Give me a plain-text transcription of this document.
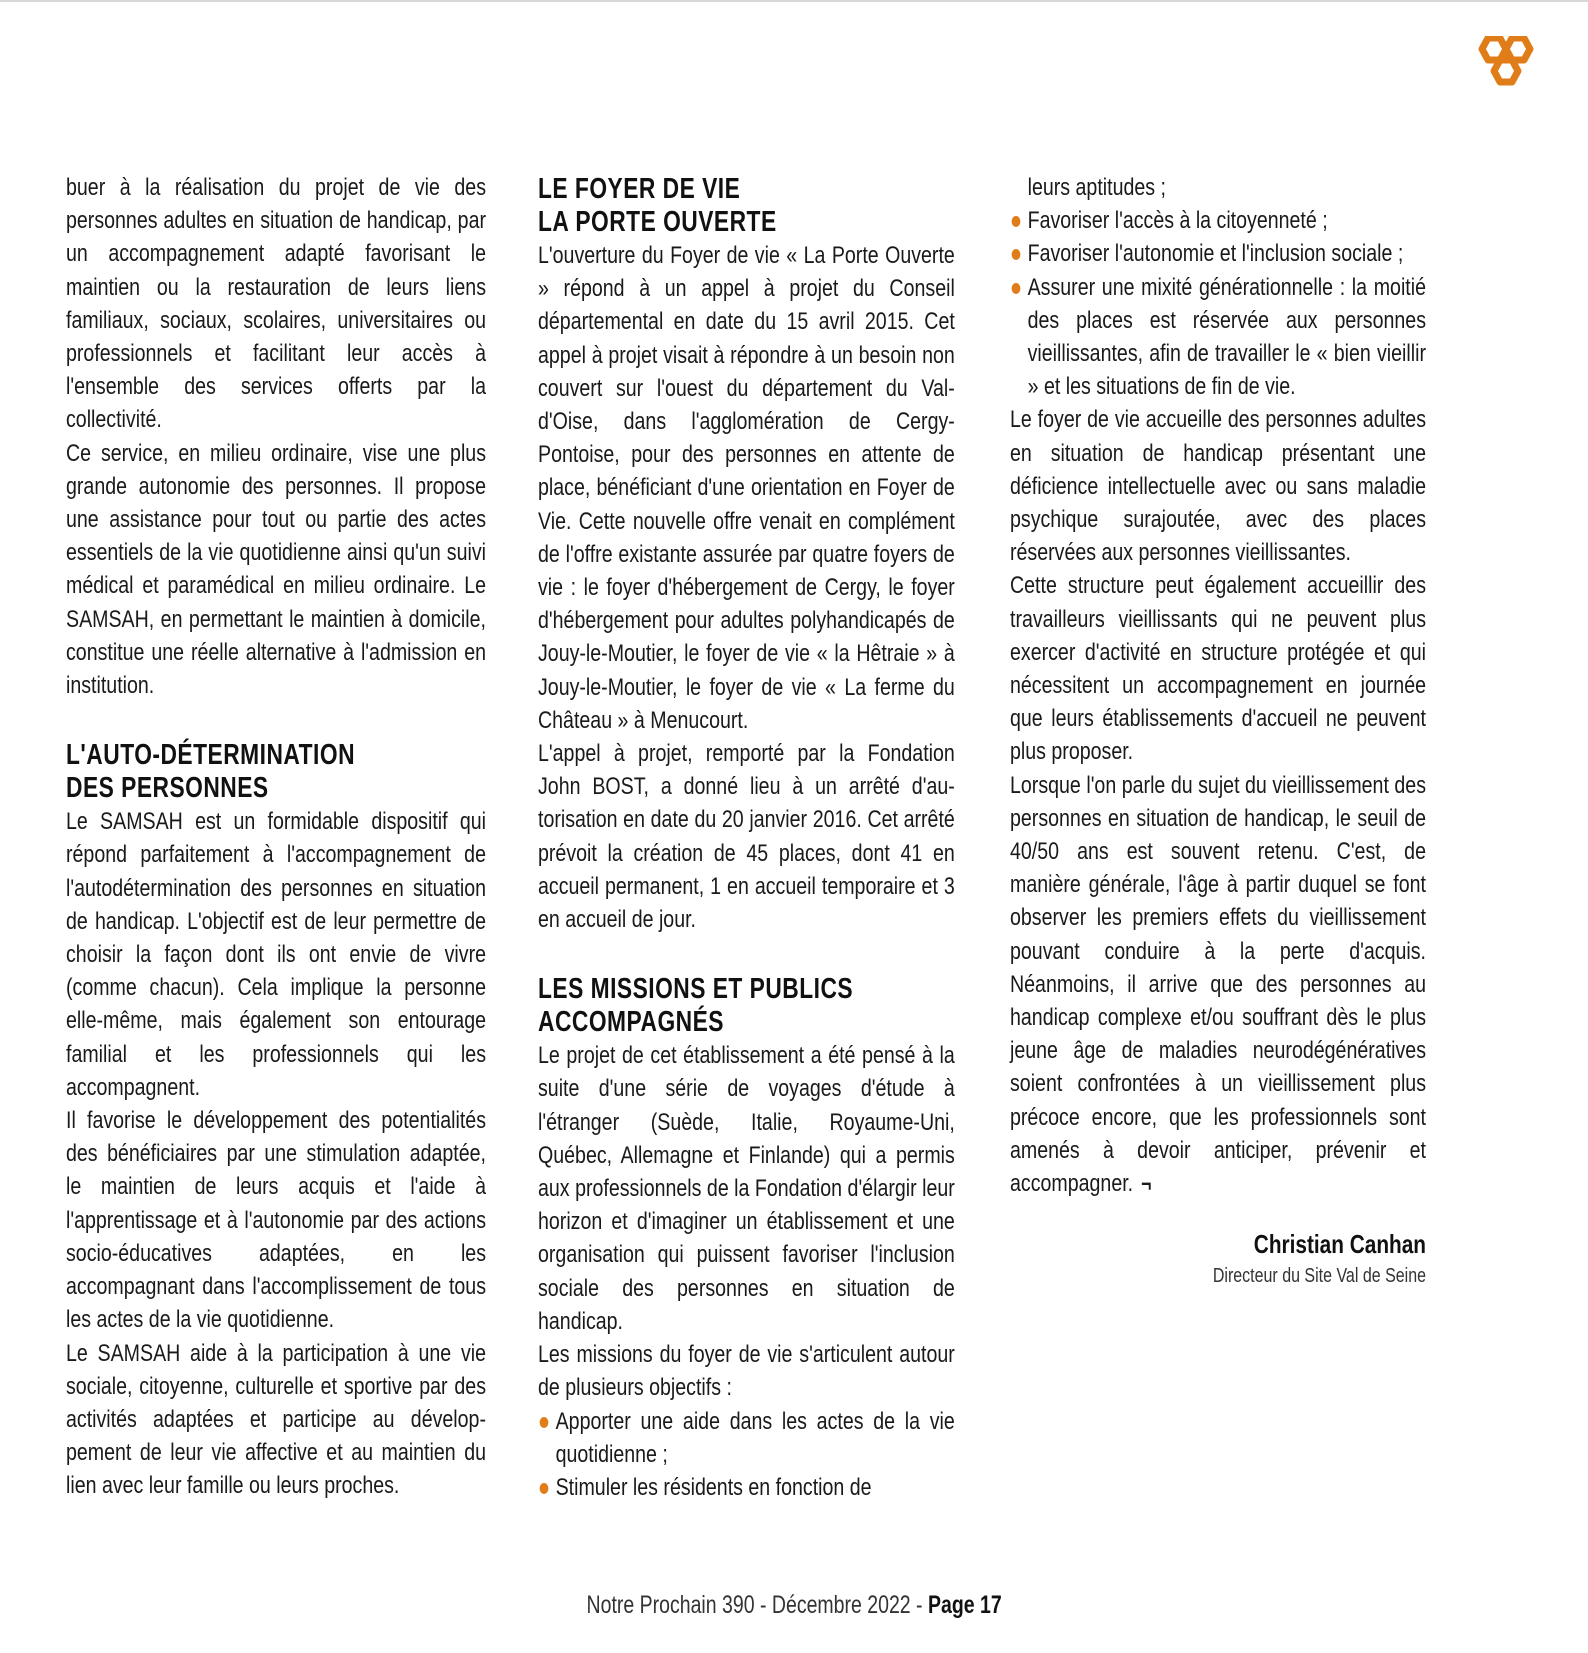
buer à la réalisation du projet de vie des personnes adultes en situation de handicap, par un accompagnement adapté favorisant le maintien ou la restauration de leurs liens familiaux, sociaux, scolaires, universitaires ou professionnels et facilitant leur accès à l'ensemble des services offerts par la collectivité.

Ce service, en milieu ordinaire, vise une plus grande autonomie des personnes. Il propose une assistance pour tout ou partie des actes essentiels de la vie quotidienne ainsi qu'un suivi médical et paramédical en milieu ordinaire. Le SAMSAH, en permettant le maintien à domicile, constitue une réelle alternative à l'admission en institution.

L'AUTO-DÉTERMINATION
DES PERSONNES

Le SAMSAH est un formidable dispositif qui répond parfaitement à l'accompagnement de l'autodétermination des personnes en situation de handicap. L'objectif est de leur permettre de choisir la façon dont ils ont envie de vivre (comme chacun). Cela implique la personne elle-même, mais également son entourage familial et les professionnels qui les accompagnent.

Il favorise le développement des potentialités des bénéficiaires par une stimulation adaptée, le maintien de leurs acquis et l'aide à l'apprentissage et à l'autonomie par des actions socio-éducatives adaptées, en les accompagnant dans l'accomplissement de tous les actes de la vie quotidienne.

Le SAMSAH aide à la participation à une vie sociale, citoyenne, culturelle et sportive par des activités adaptées et participe au développement de leur vie affective et au maintien du lien avec leur famille ou leurs proches.

LE FOYER DE VIE
LA PORTE OUVERTE

L'ouverture du Foyer de vie « La Porte Ouverte » répond à un appel à projet du Conseil départemental en date du 15 avril 2015. Cet appel à projet visait à répondre à un besoin non couvert sur l'ouest du département du Val-d'Oise, dans l'agglomération de Cergy-Pontoise, pour des personnes en attente de place, bénéficiant d'une orientation en Foyer de Vie. Cette nouvelle offre venait en complément de l'offre existante assurée par quatre foyers de vie : le foyer d'hébergement de Cergy, le foyer d'hébergement pour adultes polyhandicapés de Jouy-le-Moutier, le foyer de vie « la Hêtraie » à Jouy-le-Moutier, le foyer de vie « La ferme du Château » à Menucourt.

L'appel à projet, remporté par la Fondation John BOST, a donné lieu à un arrêté d'autorisation en date du 20 janvier 2016. Cet arrêté prévoit la création de 45 places, dont 41 en accueil permanent, 1 en accueil temporaire et 3 en accueil de jour.

LES MISSIONS ET PUBLICS
ACCOMPAGNÉS

Le projet de cet établissement a été pensé à la suite d'une série de voyages d'étude à l'étranger (Suède, Italie, Royaume-Uni, Québec, Allemagne et Finlande) qui a permis aux professionnels de la Fondation d'élargir leur horizon et d'imaginer un établissement et une organisation qui puissent favoriser l'inclusion sociale des personnes en situation de handicap.

Les missions du foyer de vie s'articulent autour de plusieurs objectifs :

Apporter une aide dans les actes de la vie quotidienne ;
Stimuler les résidents en fonction de

leurs aptitudes ;

Favoriser l'accès à la citoyenneté ;
Favoriser l'autonomie et l'inclusion sociale ;
Assurer une mixité générationnelle : la moitié des places est réservée aux personnes vieillissantes, afin de travailler le « bien vieillir » et les situations de fin de vie.

Le foyer de vie accueille des personnes adultes en situation de handicap présentant une déficience intellectuelle avec ou sans maladie psychique surajoutée, avec des places réservées aux personnes vieillissantes.

Cette structure peut également accueillir des travailleurs vieillissants qui ne peuvent plus exercer d'activité en structure protégée et qui nécessitent un accompagnement en journée que leurs établissements d'accueil ne peuvent plus proposer.

Lorsque l'on parle du sujet du vieillissement des personnes en situation de handicap, le seuil de 40/50 ans est souvent retenu. C'est, de manière générale, l'âge à partir duquel se font observer les premiers effets du vieillissement pouvant conduire à la perte d'acquis. Néanmoins, il arrive que des personnes au handicap complexe et/ou souffrant dès le plus jeune âge de maladies neurodégénératives soient confrontées à un vieillissement plus précoce encore, que les professionnels sont amenés à devoir anticiper, prévenir et accompagner. ¬

Christian Canhan
Directeur du Site Val de Seine
Notre Prochain 390 - Décembre 2022 - Page 17
